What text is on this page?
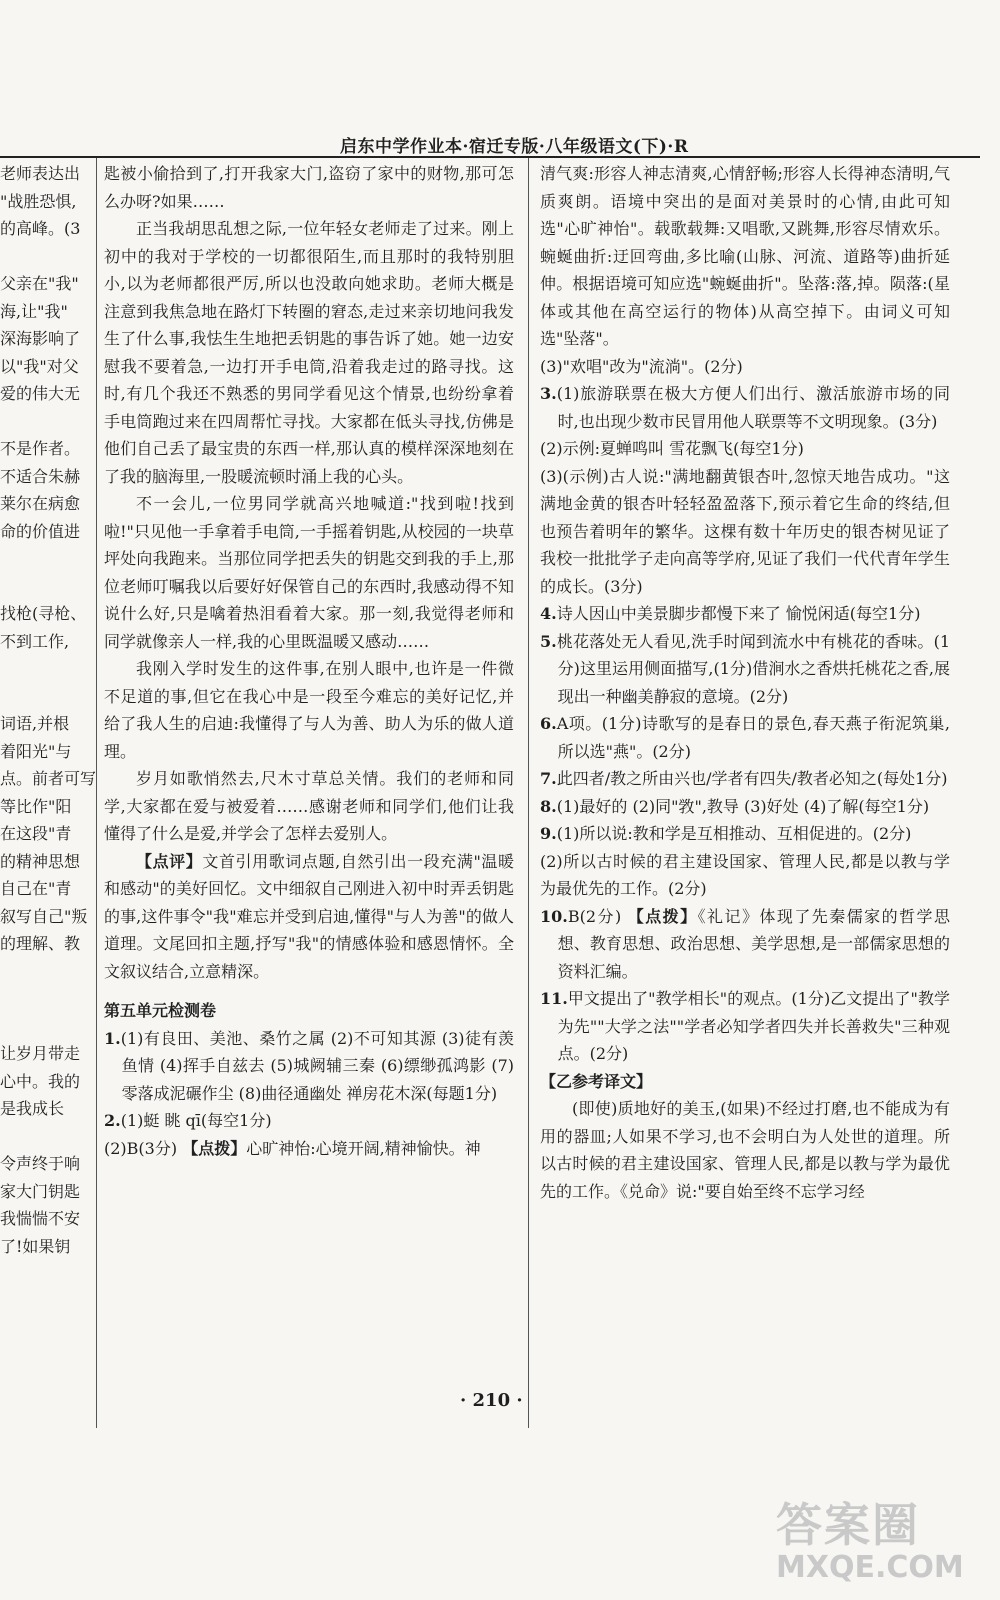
启东中学作业本·宿迁专版·八年级语文(下)·R
老师表达出
"战胜恐惧,
的高峰。(3

父亲在"我"
海,让"我"
深海影响了
以"我"对父
爱的伟大无

不是作者。
不适合朱赫
莱尔在病愈
命的价值进

找枪(寻枪、
不到工作,

词语,并根
着阳光"与
点。前者可写
等比作"阳
在这段"青
的精神思想
自己在"青
叙写自己"叛
的理解、教

让岁月带走
心中。我的
是我成长

令声终于响
家大门钥匙
我惴惴不安
了!如果钥

匙被小偷拾到了,打开我家大门,盗窃了家中的财物,那可怎么办呀?如果……

正当我胡思乱想之际,一位年轻女老师走了过来。刚上初中的我对于学校的一切都很陌生,而且那时的我特别胆小,以为老师都很严厉,所以也没敢向她求助。老师大概是注意到我焦急地在路灯下转圈的窘态,走过来亲切地问我发生了什么事,我怯生生地把丢钥匙的事告诉了她。她一边安慰我不要着急,一边打开手电筒,沿着我走过的路寻找。这时,有几个我还不熟悉的男同学看见这个情景,也纷纷拿着手电筒跑过来在四周帮忙寻找。大家都在低头寻找,仿佛是他们自己丢了最宝贵的东西一样,那认真的模样深深地刻在了我的脑海里,一股暖流顿时涌上我的心头。

不一会儿,一位男同学就高兴地喊道:"找到啦!找到啦!"只见他一手拿着手电筒,一手摇着钥匙,从校园的一块草坪处向我跑来。当那位同学把丢失的钥匙交到我的手上,那位老师叮嘱我以后要好好保管自己的东西时,我感动得不知说什么好,只是噙着热泪看着大家。那一刻,我觉得老师和同学就像亲人一样,我的心里既温暖又感动……

我刚入学时发生的这件事,在别人眼中,也许是一件微不足道的事,但它在我心中是一段至今难忘的美好记忆,并给了我人生的启迪:我懂得了与人为善、助人为乐的做人道理。

岁月如歌悄然去,尺木寸草总关情。我们的老师和同学,大家都在爱与被爱着……感谢老师和同学们,他们让我懂得了什么是爱,并学会了怎样去爱别人。

【点评】文首引用歌词点题,自然引出一段充满"温暖和感动"的美好回忆。文中细叙自己刚进入初中时弄丢钥匙的事,这件事令"我"难忘并受到启迪,懂得"与人为善"的做人道理。文尾回扣主题,抒写"我"的情感体验和感恩情怀。全文叙议结合,立意精深。

第五单元检测卷

1.(1)有良田、美池、桑竹之属 (2)不可知其源 (3)徒有羡鱼情 (4)挥手自兹去 (5)城阙辅三秦 (6)缥缈孤鸿影 (7)零落成泥碾作尘 (8)曲径通幽处 禅房花木深(每题1分)

2.(1)蜓 眺 qī(每空1分)

(2)B(3分) 【点拨】心旷神怡:心境开阔,精神愉快。神

清气爽:形容人神志清爽,心情舒畅;形容人长得神态清明,气质爽朗。语境中突出的是面对美景时的心情,由此可知选"心旷神怡"。载歌载舞:又唱歌,又跳舞,形容尽情欢乐。蜿蜒曲折:迂回弯曲,多比喻(山脉、河流、道路等)曲折延伸。根据语境可知应选"蜿蜒曲折"。坠落:落,掉。陨落:(星体或其他在高空运行的物体)从高空掉下。由词义可知选"坠落"。

(3)"欢唱"改为"流淌"。(2分)

3.(1)旅游联票在极大方便人们出行、激活旅游市场的同时,也出现少数市民冒用他人联票等不文明现象。(3分)

(2)示例:夏蝉鸣叫 雪花飘飞(每空1分)

(3)(示例)古人说:"满地翻黄银杏叶,忽惊天地告成功。"这满地金黄的银杏叶轻轻盈盈落下,预示着它生命的终结,但也预告着明年的繁华。这棵有数十年历史的银杏树见证了我校一批批学子走向高等学府,见证了我们一代代青年学生的成长。(3分)

4.诗人因山中美景脚步都慢下来了 愉悦闲适(每空1分)

5.桃花落处无人看见,洗手时闻到流水中有桃花的香味。(1分)这里运用侧面描写,(1分)借涧水之香烘托桃花之香,展现出一种幽美静寂的意境。(2分)

6.A项。(1分)诗歌写的是春日的景色,春天燕子衔泥筑巢,所以选"燕"。(2分)

7.此四者/教之所由兴也/学者有四失/教者必知之(每处1分)

8.(1)最好的 (2)同"敩",教导 (3)好处 (4)了解(每空1分)

9.(1)所以说:教和学是互相推动、互相促进的。(2分)

(2)所以古时候的君主建设国家、管理人民,都是以教与学为最优先的工作。(2分)

10.B(2分) 【点拨】《礼记》体现了先秦儒家的哲学思想、教育思想、政治思想、美学思想,是一部儒家思想的资料汇编。

11.甲文提出了"教学相长"的观点。(1分)乙文提出了"教学为先""大学之法""学者必知学者四失并长善救失"三种观点。(2分)

【乙参考译文】

(即使)质地好的美玉,(如果)不经过打磨,也不能成为有用的器皿;人如果不学习,也不会明白为人处世的道理。所以古时候的君主建设国家、管理人民,都是以教与学为最优先的工作。《兑命》说:"要自始至终不忘学习经

· 210 ·
答案圈
MXQE.COM
